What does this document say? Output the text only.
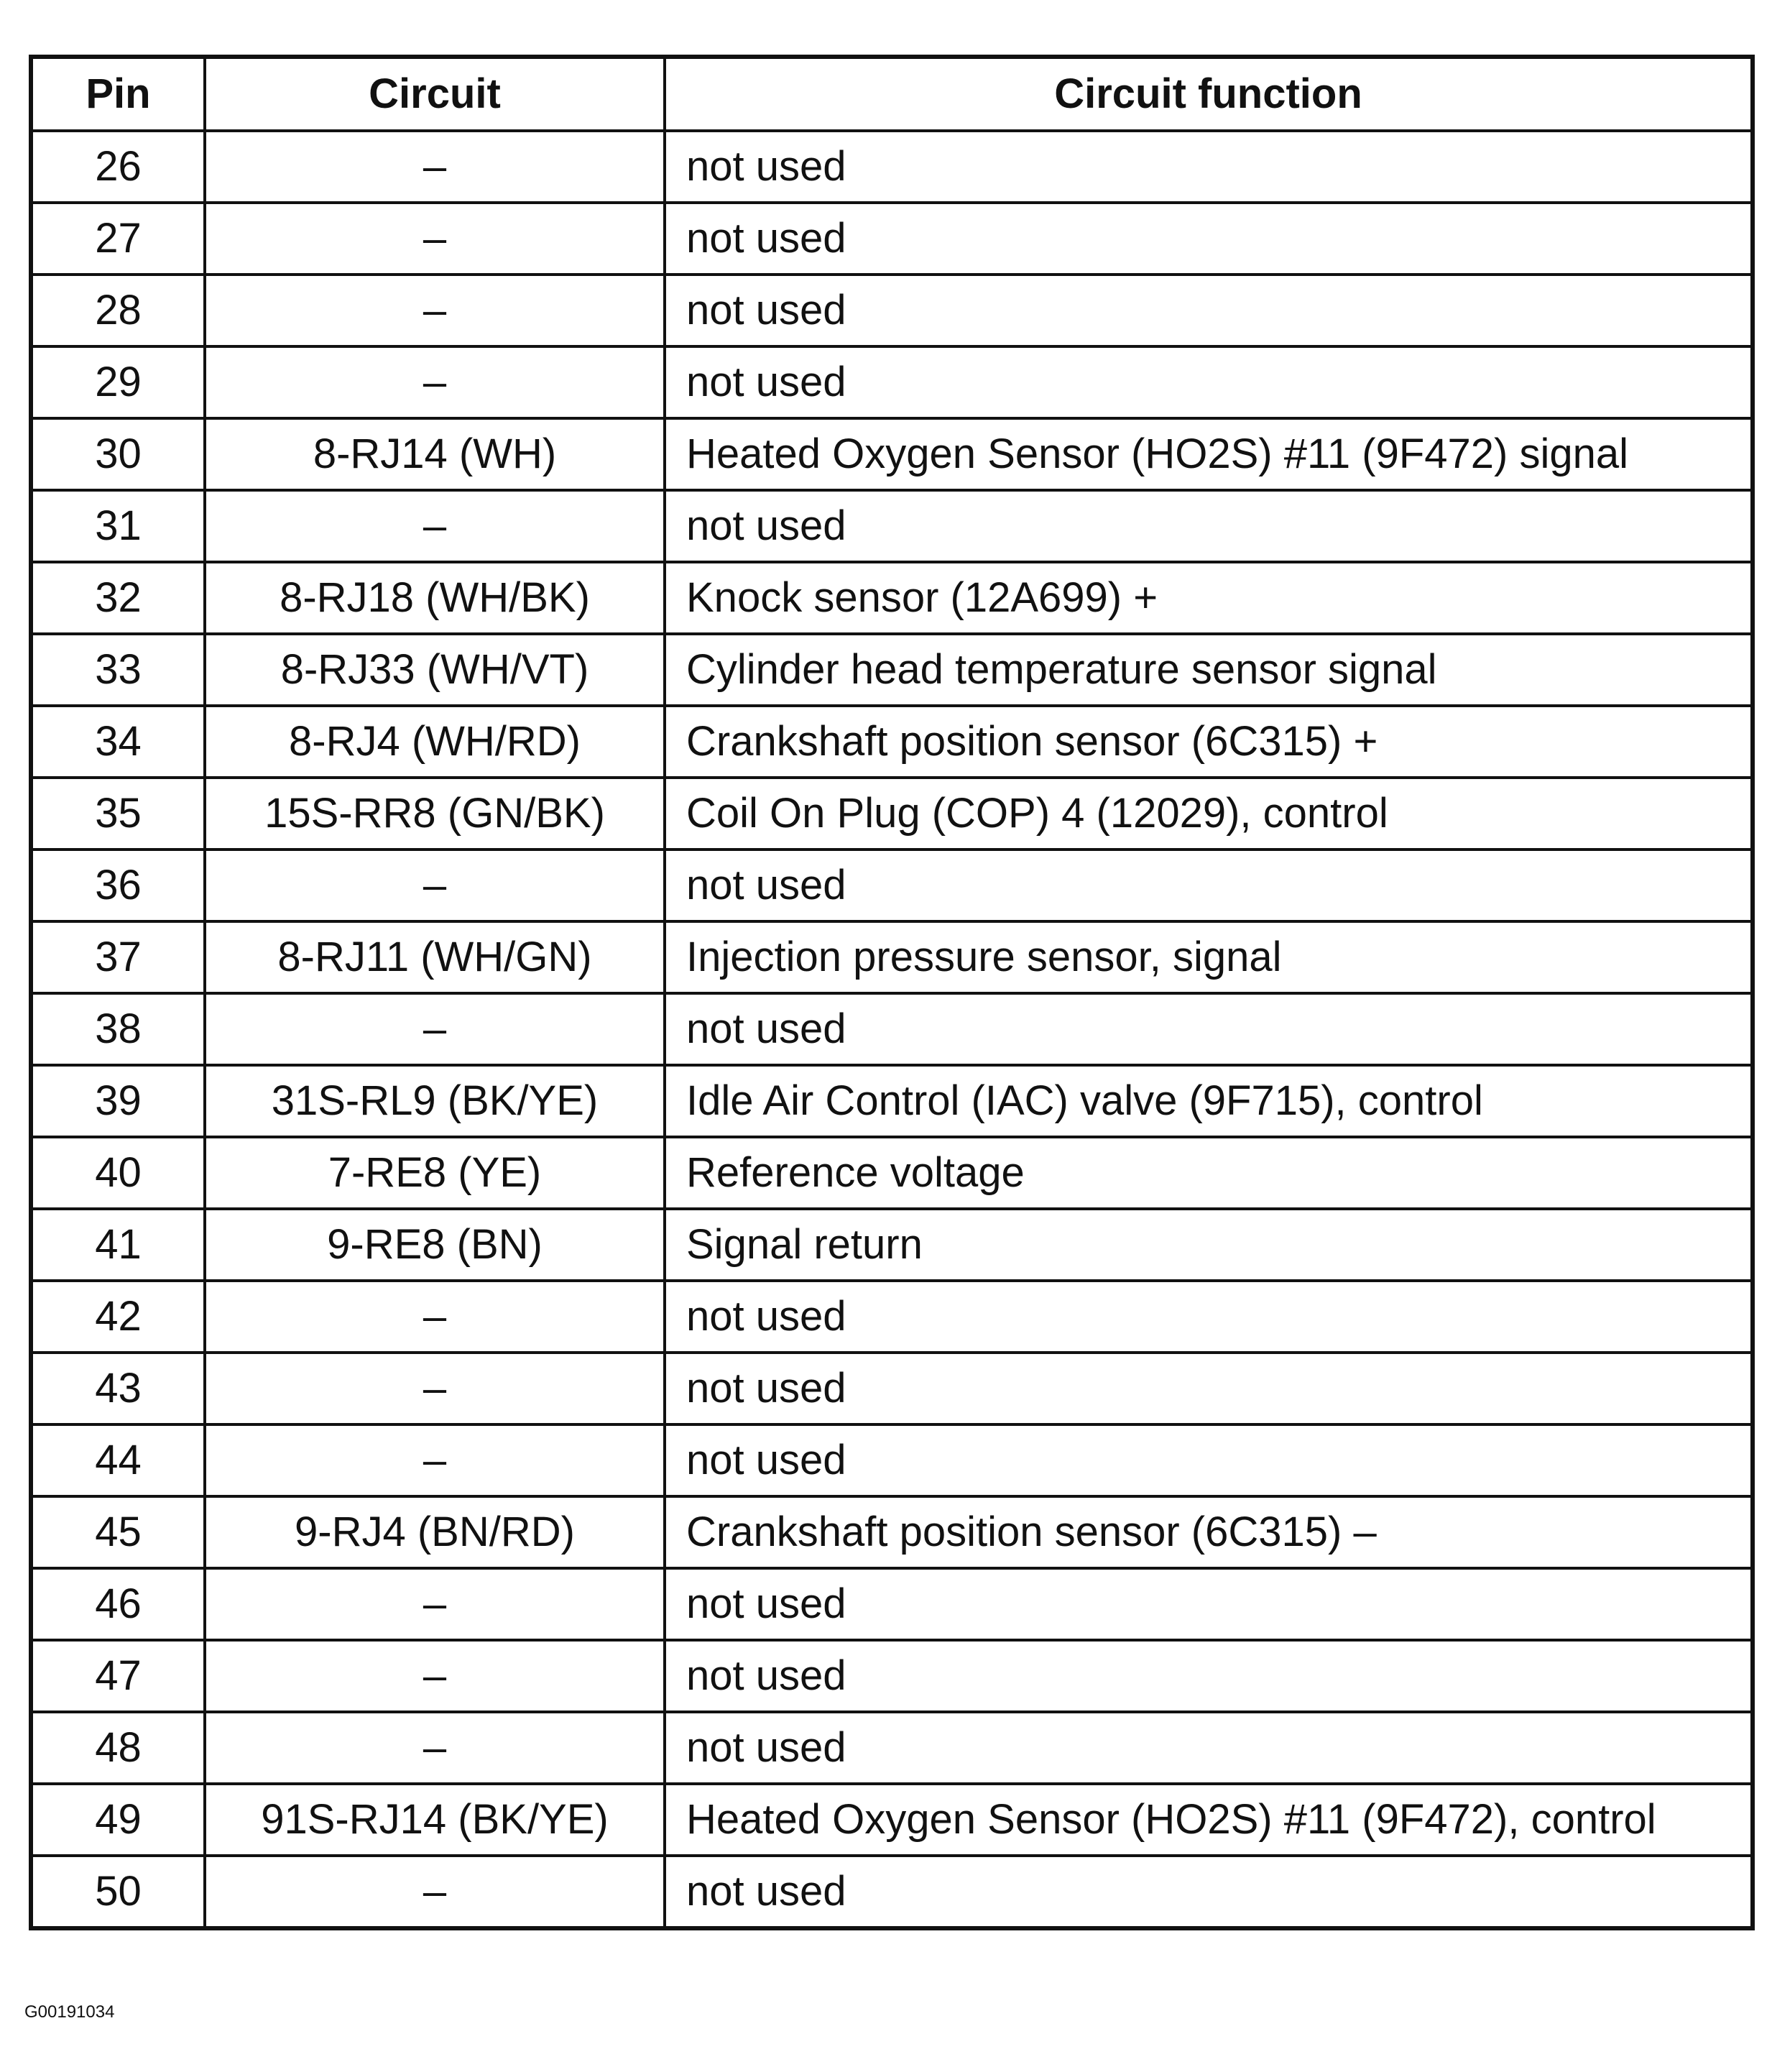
Pin	Circuit	Circuit function
26	–	not used
27	–	not used
28	–	not used
29	–	not used
30	8-RJ14 (WH)	Heated Oxygen Sensor (HO2S) #11 (9F472) signal
31	–	not used
32	8-RJ18 (WH/BK)	Knock sensor (12A699) +
33	8-RJ33 (WH/VT)	Cylinder head temperature sensor signal
34	8-RJ4 (WH/RD)	Crankshaft position sensor (6C315) +
35	15S-RR8 (GN/BK)	Coil On Plug (COP) 4 (12029), control
36	–	not used
37	8-RJ11 (WH/GN)	Injection pressure sensor, signal
38	–	not used
39	31S-RL9 (BK/YE)	Idle Air Control (IAC) valve (9F715), control
40	7-RE8 (YE)	Reference voltage
41	9-RE8 (BN)	Signal return
42	–	not used
43	–	not used
44	–	not used
45	9-RJ4 (BN/RD)	Crankshaft position sensor (6C315) –
46	–	not used
47	–	not used
48	–	not used
49	91S-RJ14 (BK/YE)	Heated Oxygen Sensor (HO2S) #11 (9F472), control
50	–	not used
G00191034
